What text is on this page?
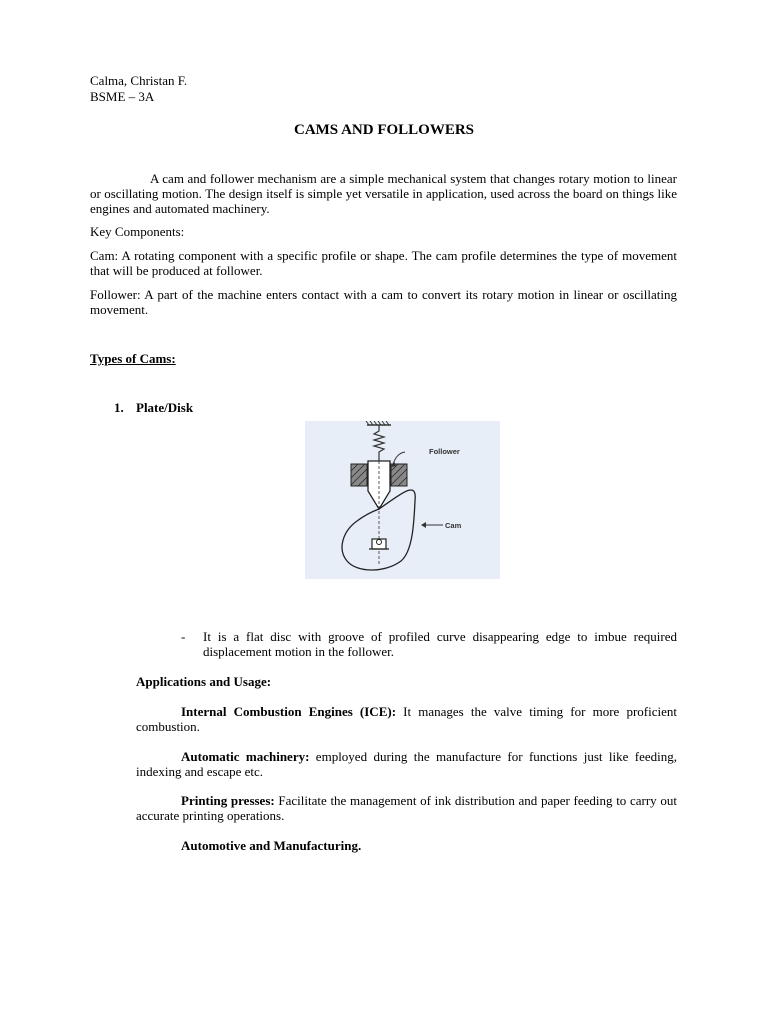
Calma, Christan F.

BSME – 3A

CAMS AND FOLLOWERS

A cam and follower mechanism are a simple mechanical system that changes rotary motion to linear or oscillating motion. The design itself is simple yet versatile in application, used across the board on things like engines and automated machinery.

Key Components:

Cam: A rotating component with a specific profile or shape. The cam profile determines the type of movement that will be produced at follower.

Follower: A part of the machine enters contact with a cam to convert its rotary motion in linear or oscillating movement.

Types of Cams:

1. Plate/Disk

Follower
Cam

- It is a flat disc with groove of profiled curve disappearing edge to imbue required displacement motion in the follower.

Applications and Usage:

Internal Combustion Engines (ICE): It manages the valve timing for more proficient combustion.

Automatic machinery: employed during the manufacture for functions just like feeding, indexing and escape etc.

Printing presses: Facilitate the management of ink distribution and paper feeding to carry out accurate printing operations.

Automotive and Manufacturing.
